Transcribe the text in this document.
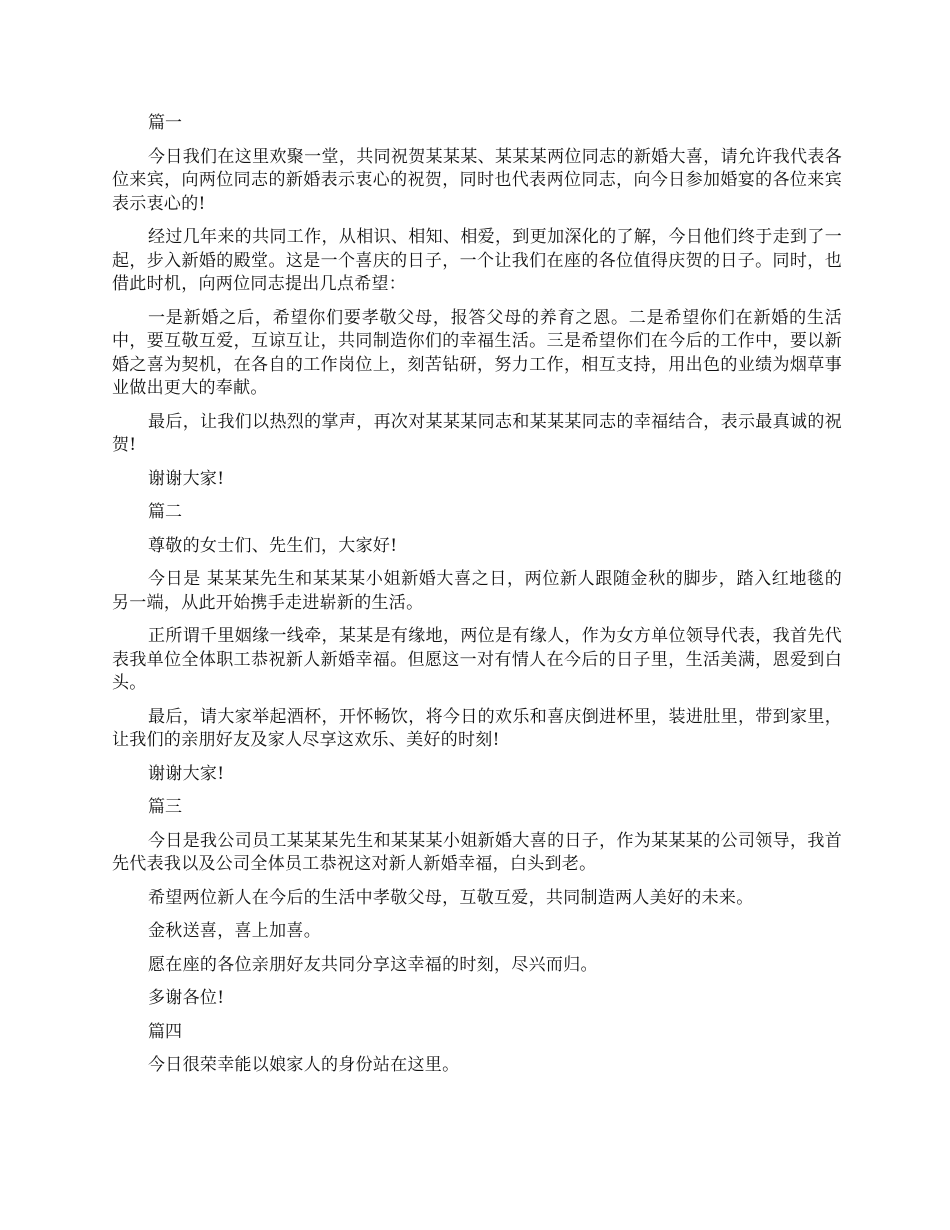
篇一

今日我们在这里欢聚一堂，共同祝贺某某某、某某某两位同志的新婚大喜，请允许我代表各位来宾，向两位同志的新婚表示衷心的祝贺，同时也代表两位同志，向今日参加婚宴的各位来宾表示衷心的!

经过几年来的共同工作，从相识、相知、相爱，到更加深化的了解，今日他们终于走到了一起，步入新婚的殿堂。这是一个喜庆的日子，一个让我们在座的各位值得庆贺的日子。同时，也借此时机，向两位同志提出几点希望：

一是新婚之后，希望你们要孝敬父母，报答父母的养育之恩。二是希望你们在新婚的生活中，要互敬互爱，互谅互让，共同制造你们的幸福生活。三是希望你们在今后的工作中，要以新婚之喜为契机，在各自的工作岗位上，刻苦钻研，努力工作，相互支持，用出色的业绩为烟草事业做出更大的奉献。

最后，让我们以热烈的掌声，再次对某某某同志和某某某同志的幸福结合，表示最真诚的祝贺!

谢谢大家!

篇二

尊敬的女士们、先生们，大家好!

今日是 某某某先生和某某某小姐新婚大喜之日，两位新人跟随金秋的脚步，踏入红地毯的另一端，从此开始携手走进崭新的生活。

正所谓千里姻缘一线牵，某某是有缘地，两位是有缘人，作为女方单位领导代表，我首先代表我单位全体职工恭祝新人新婚幸福。但愿这一对有情人在今后的日子里，生活美满，恩爱到白头。

最后，请大家举起酒杯，开怀畅饮，将今日的欢乐和喜庆倒进杯里，装进肚里，带到家里，让我们的亲朋好友及家人尽享这欢乐、美好的时刻!

谢谢大家!

篇三

今日是我公司员工某某某先生和某某某小姐新婚大喜的日子，作为某某某的公司领导，我首先代表我以及公司全体员工恭祝这对新人新婚幸福，白头到老。

希望两位新人在今后的生活中孝敬父母，互敬互爱，共同制造两人美好的未来。

金秋送喜，喜上加喜。

愿在座的各位亲朋好友共同分享这幸福的时刻，尽兴而归。

多谢各位!

篇四

今日很荣幸能以娘家人的身份站在这里。
